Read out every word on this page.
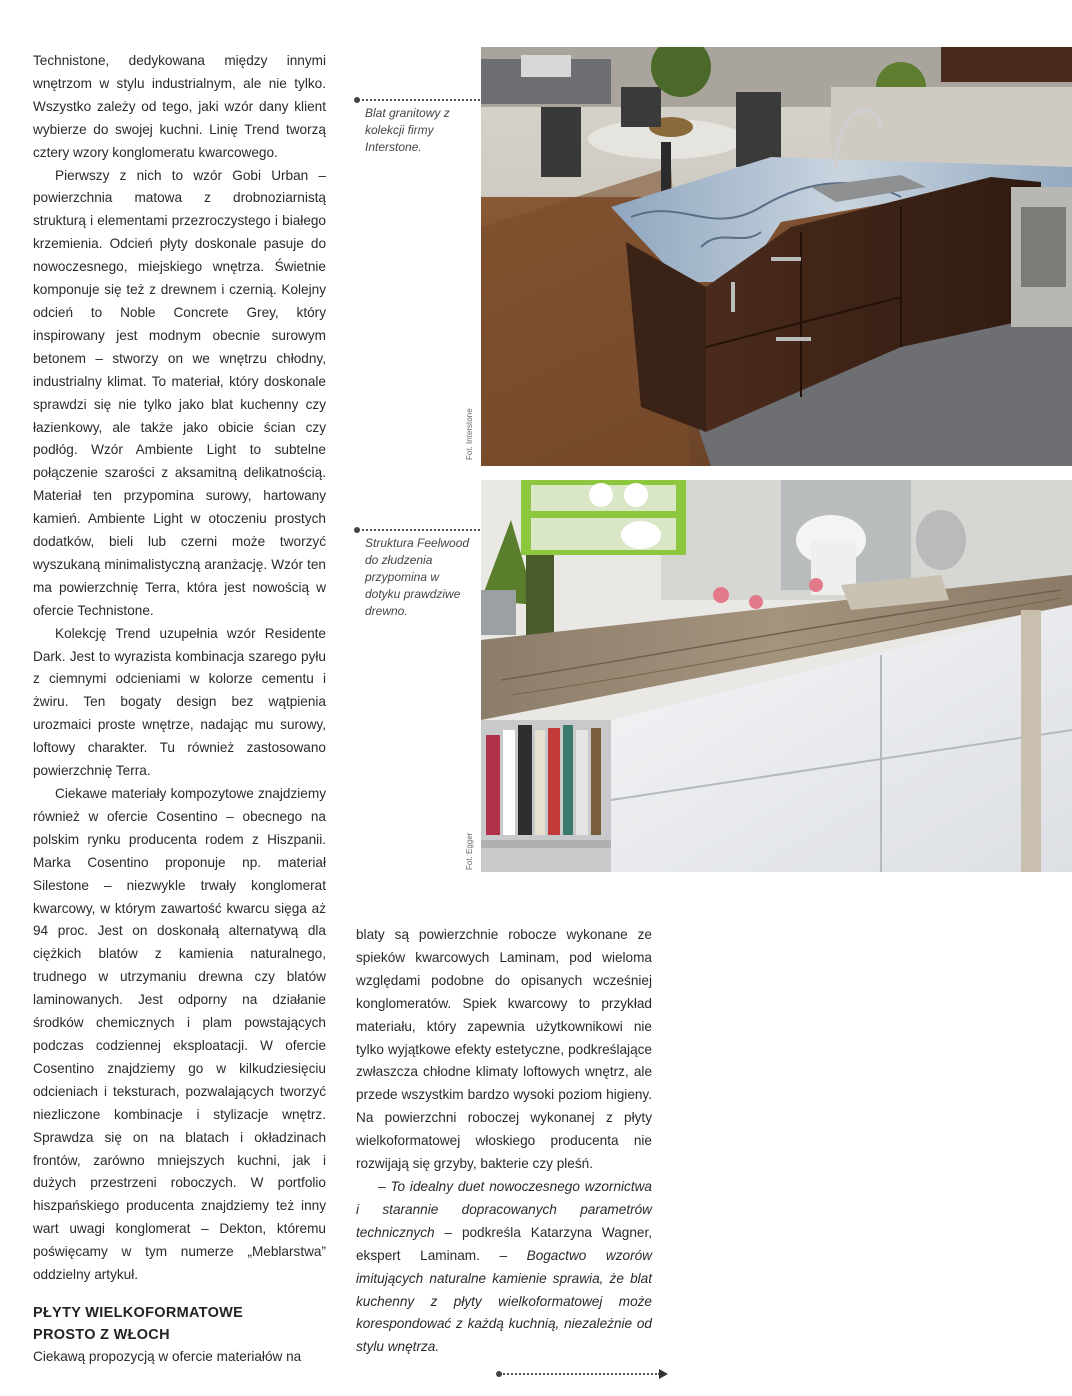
Technistone, dedykowana między innymi wnętrzom w stylu industrialnym, ale nie tylko. Wszystko zależy od tego, jaki wzór dany klient wybierze do swojej kuchni. Linię Trend tworzą cztery wzory konglomeratu kwarcowego.

Pierwszy z nich to wzór Gobi Urban – powierzchnia matowa z drobnoziarnistą strukturą i elementami przezroczystego i białego krzemienia. Odcień płyty doskonale pasuje do nowoczesnego, miejskiego wnętrza. Świetnie komponuje się też z drewnem i czernią. Kolejny odcień to Noble Concrete Grey, który inspirowany jest modnym obecnie surowym betonem – stworzy on we wnętrzu chłodny, industrialny klimat. To materiał, który doskonale sprawdzi się nie tylko jako blat kuchenny czy łazienkowy, ale także jako obicie ścian czy podłóg. Wzór Ambiente Light to subtelne połączenie szarości z aksamitną delikatnością. Materiał ten przypomina surowy, hartowany kamień. Ambiente Light w otoczeniu prostych dodatków, bieli lub czerni może tworzyć wyszukaną minimalistyczną aranżację. Wzór ten ma powierzchnię Terra, która jest nowością w ofercie Technistone.

Kolekcję Trend uzupełnia wzór Residente Dark. Jest to wyrazista kombinacja szarego pyłu z ciemnymi odcieniami w kolorze cementu i żwiru. Ten bogaty design bez wątpienia urozmaici proste wnętrze, nadając mu surowy, loftowy charakter. Tu również zastosowano powierzchnię Terra.

Ciekawe materiały kompozytowe znajdziemy również w ofercie Cosentino – obecnego na polskim rynku producenta rodem z Hiszpanii. Marka Cosentino proponuje np. materiał Silestone – niezwykle trwały konglomerat kwarcowy, w którym zawartość kwarcu sięga aż 94 proc. Jest on doskonałą alternatywą dla ciężkich blatów z kamienia naturalnego, trudnego w utrzymaniu drewna czy blatów laminowanych. Jest odporny na działanie środków chemicznych i plam powstających podczas codziennej eksploatacji. W ofercie Cosentino znajdziemy go w kilkudziesięciu odcieniach i teksturach, pozwalających tworzyć niezliczone kombinacje i stylizacje wnętrz. Sprawdza się on na blatach i okładzinach frontów, zarówno mniejszych kuchni, jak i dużych przestrzeni roboczych. W portfolio hiszpańskiego producenta znajdziemy też inny wart uwagi konglomerat – Dekton, któremu poświęcamy w tym numerze „Meblarstwa” oddzielny artykuł.

PŁYTY WIELKOFORMATOWE
PROSTO Z WŁOCH

Ciekawą propozycją w ofercie materiałów na

blaty są powierzchnie robocze wykonane ze spieków kwarcowych Laminam, pod wieloma względami podobne do opisanych wcześniej konglomeratów. Spiek kwarcowy to przykład materiału, który zapewnia użytkownikowi nie tylko wyjątkowe efekty estetyczne, podkreślające zwłaszcza chłodne klimaty loftowych wnętrz, ale przede wszystkim bardzo wysoki poziom higieny. Na powierzchni roboczej wykonanej z płyty wielkoformatowej włoskiego producenta nie rozwijają się grzyby, bakterie czy pleśń.

– To idealny duet nowoczesnego wzornictwa i starannie dopracowanych parametrów technicznych – podkreśla Katarzyna Wagner, ekspert Laminam. – Bogactwo wzorów imitujących naturalne kamienie sprawia, że blat kuchenny z płyty wielkoformatowej może korespondować z każdą kuchnią, niezależnie od stylu wnętrza.

Blat granitowy z kolekcji firmy Interstone.
Struktura Feelwood do złudzenia przypomina w dotyku prawdziwe drewno.
Fot. Interstone
Fot. Egger
